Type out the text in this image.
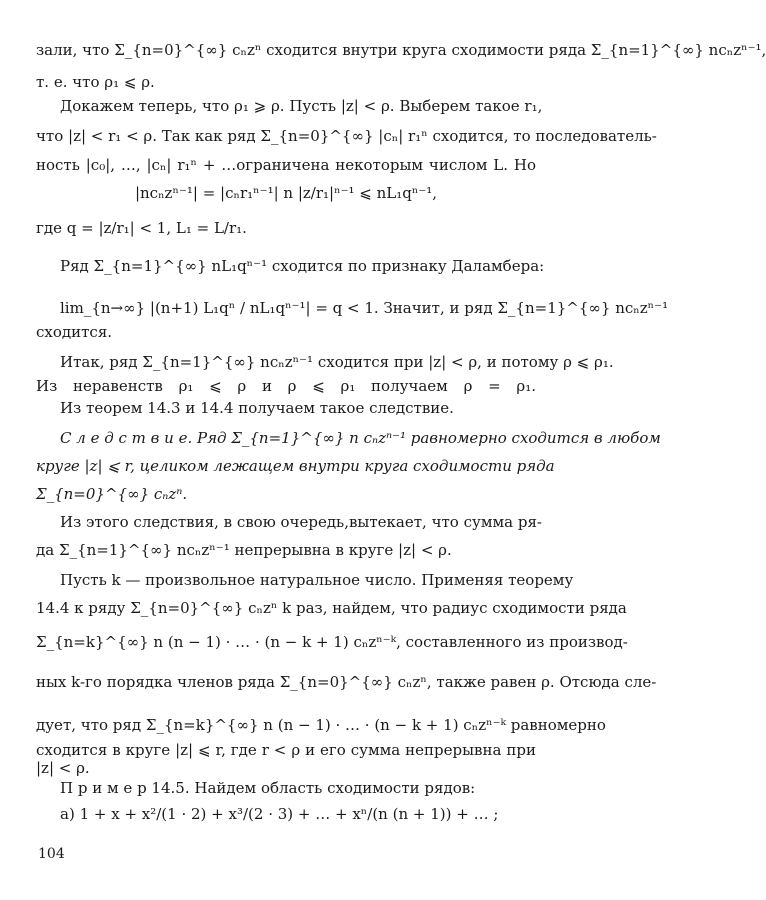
зали, что Σ_{n=0}^{∞} cₙzⁿ сходится внутри круга сходимости ряда Σ_{n=1}^{∞} ncₙzⁿ⁻¹,
т. е. что ρ₁ ⩽ ρ.
Докажем теперь, что ρ₁ ⩾ ρ. Пусть |z| < ρ. Выберем такое r₁,
что |z| < r₁ < ρ. Так как ряд Σ_{n=0}^{∞} |cₙ| r₁ⁿ сходится, то последователь-
ность |c₀|, …, |cₙ| r₁ⁿ + …ограничена некоторым числом L. Но
|ncₙzⁿ⁻¹| = |cₙr₁ⁿ⁻¹| n |z/r₁|ⁿ⁻¹ ⩽ nL₁qⁿ⁻¹,
где q = |z/r₁| < 1, L₁ = L/r₁.
Ряд Σ_{n=1}^{∞} nL₁qⁿ⁻¹ сходится по признаку Даламбера:
lim_{n→∞} |(n+1) L₁qⁿ / nL₁qⁿ⁻¹| = q < 1. Значит, и ряд Σ_{n=1}^{∞} ncₙzⁿ⁻¹
сходится.
Итак, ряд Σ_{n=1}^{∞} ncₙzⁿ⁻¹ сходится при |z| < ρ, и потому ρ ⩽ ρ₁.
Из неравенств ρ₁ ⩽ ρ и ρ ⩽ ρ₁ получаем ρ = ρ₁.
Из теорем 14.3 и 14.4 получаем такое следствие.
С л е д с т в и е. Ряд Σ_{n=1}^{∞} n cₙzⁿ⁻¹ равномерно сходится в любом
круге |z| ⩽ r, целиком лежащем внутри круга сходимости ряда
Σ_{n=0}^{∞} cₙzⁿ.
Из этого следствия, в свою очередь,вытекает, что сумма ря-
да Σ_{n=1}^{∞} ncₙzⁿ⁻¹ непрерывна в круге |z| < ρ.
Пусть k — произвольное натуральное число. Применяя теорему
14.4 к ряду Σ_{n=0}^{∞} cₙzⁿ k раз, найдем, что радиус сходимости ряда
Σ_{n=k}^{∞} n (n − 1) · … · (n − k + 1) cₙzⁿ⁻ᵏ, составленного из производ-
ных k-го порядка членов ряда Σ_{n=0}^{∞} cₙzⁿ, также равен ρ. Отсюда сле-
дует, что ряд Σ_{n=k}^{∞} n (n − 1) · … · (n − k + 1) cₙzⁿ⁻ᵏ равномерно
сходится в круге |z| ⩽ r, где r < ρ и его сумма непрерывна при
|z| < ρ.
П р и м е р 14.5. Найдем область сходимости рядов:
а) 1 + x + x²/(1 · 2) + x³/(2 · 3) + … + xⁿ/(n (n + 1)) + … ;
104
